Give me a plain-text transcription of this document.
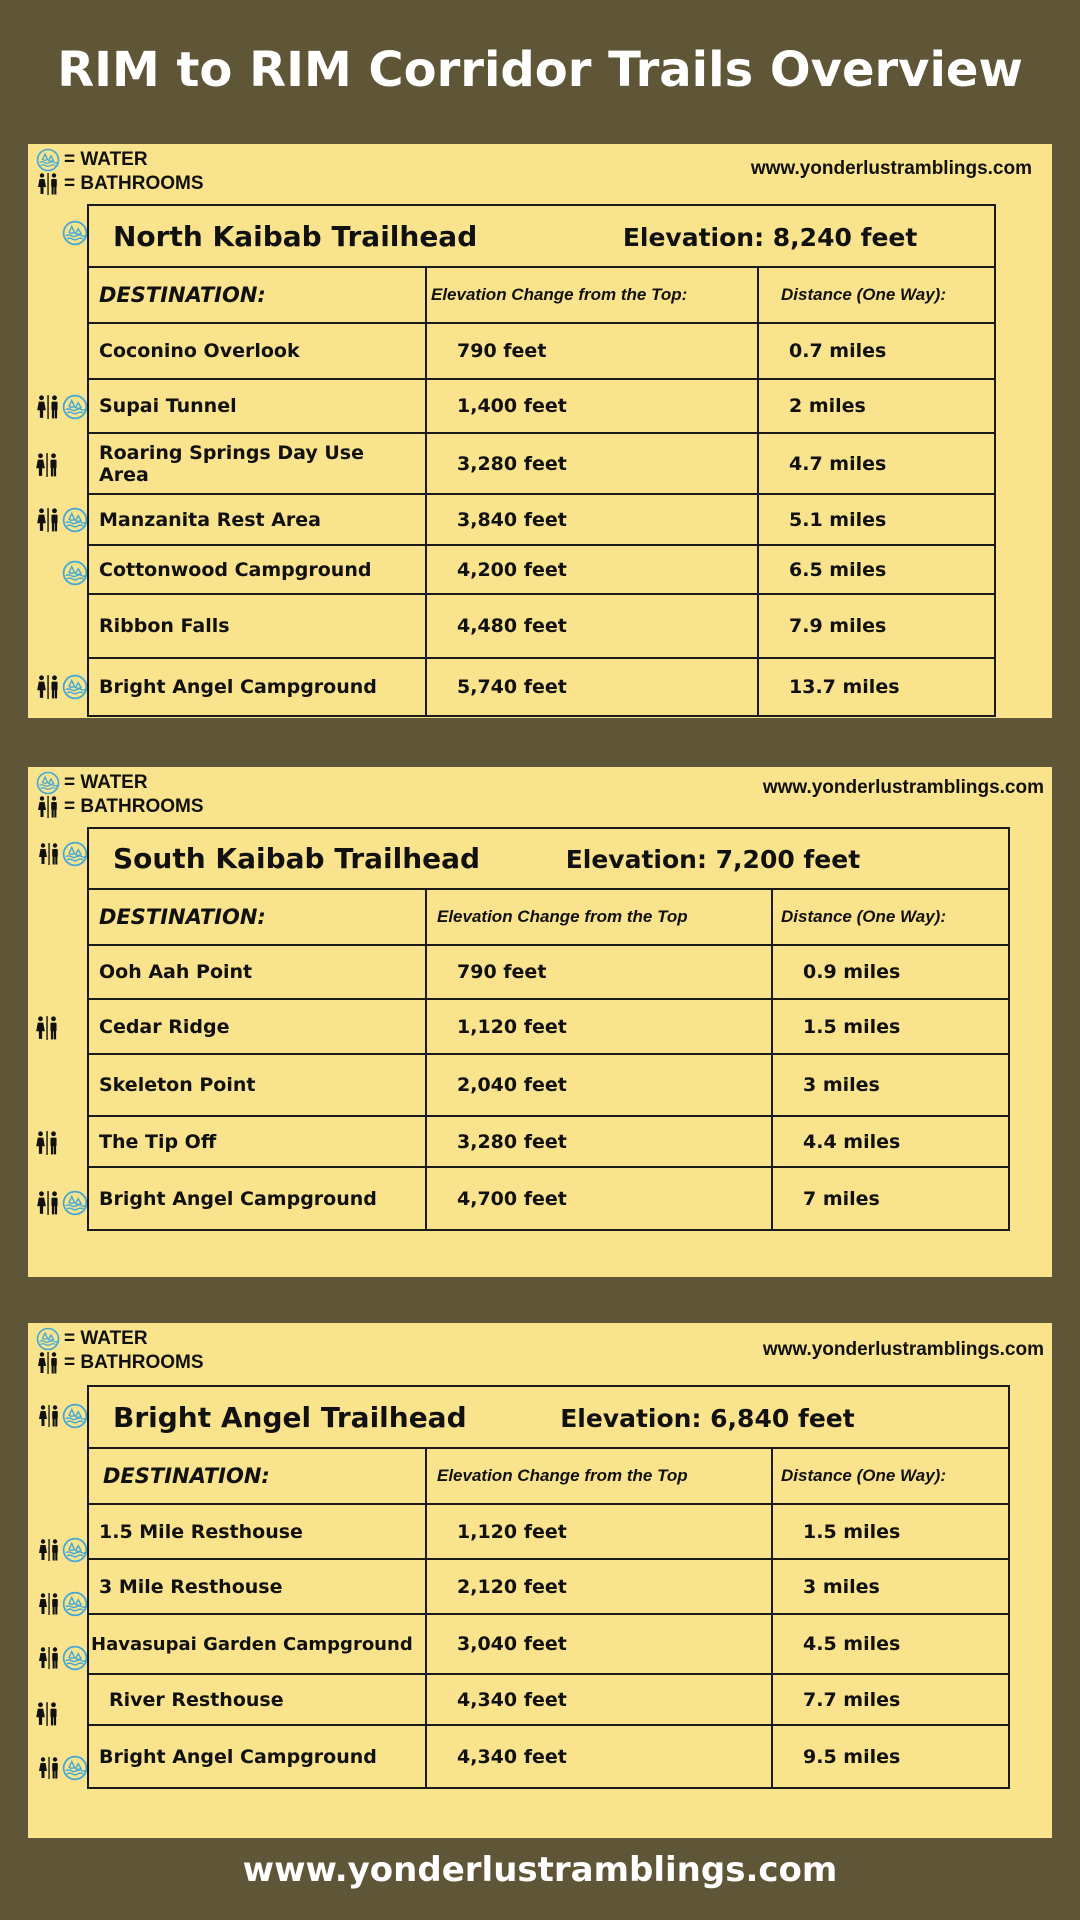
RIM to RIM Corridor Trails Overview
= WATER
= BATHROOMS
www.yonderlustramblings.com
North Kaibab Trailhead Elevation: 8,240 feet		
DESTINATION:	Elevation Change from the Top:	Distance (One Way):
Coconino Overlook	790 feet	0.7 miles
Supai Tunnel	1,400 feet	2 miles
Roaring Springs Day Use Area	3,280 feet	4.7 miles
Manzanita Rest Area	3,840 feet	5.1 miles
Cottonwood Campground	4,200 feet	6.5 miles
Ribbon Falls	4,480 feet	7.9 miles
Bright Angel Campground	5,740 feet	13.7 miles
= WATER
= BATHROOMS
www.yonderlustramblings.com
South Kaibab Trailhead Elevation: 7,200 feet		
DESTINATION:	Elevation Change from the Top	Distance (One Way):
Ooh Aah Point	790 feet	0.9 miles
Cedar Ridge	1,120 feet	1.5 miles
Skeleton Point	2,040 feet	3 miles
The Tip Off	3,280 feet	4.4 miles
Bright Angel Campground	4,700 feet	7 miles
= WATER
= BATHROOMS
www.yonderlustramblings.com
Bright Angel Trailhead Elevation: 6,840 feet		
DESTINATION:	Elevation Change from the Top	Distance (One Way):
1.5 Mile Resthouse	1,120 feet	1.5 miles
3 Mile Resthouse	2,120 feet	3 miles
Havasupai Garden Campground	3,040 feet	4.5 miles
River Resthouse	4,340 feet	7.7 miles
Bright Angel Campground	4,340 feet	9.5 miles
www.yonderlustramblings.com
